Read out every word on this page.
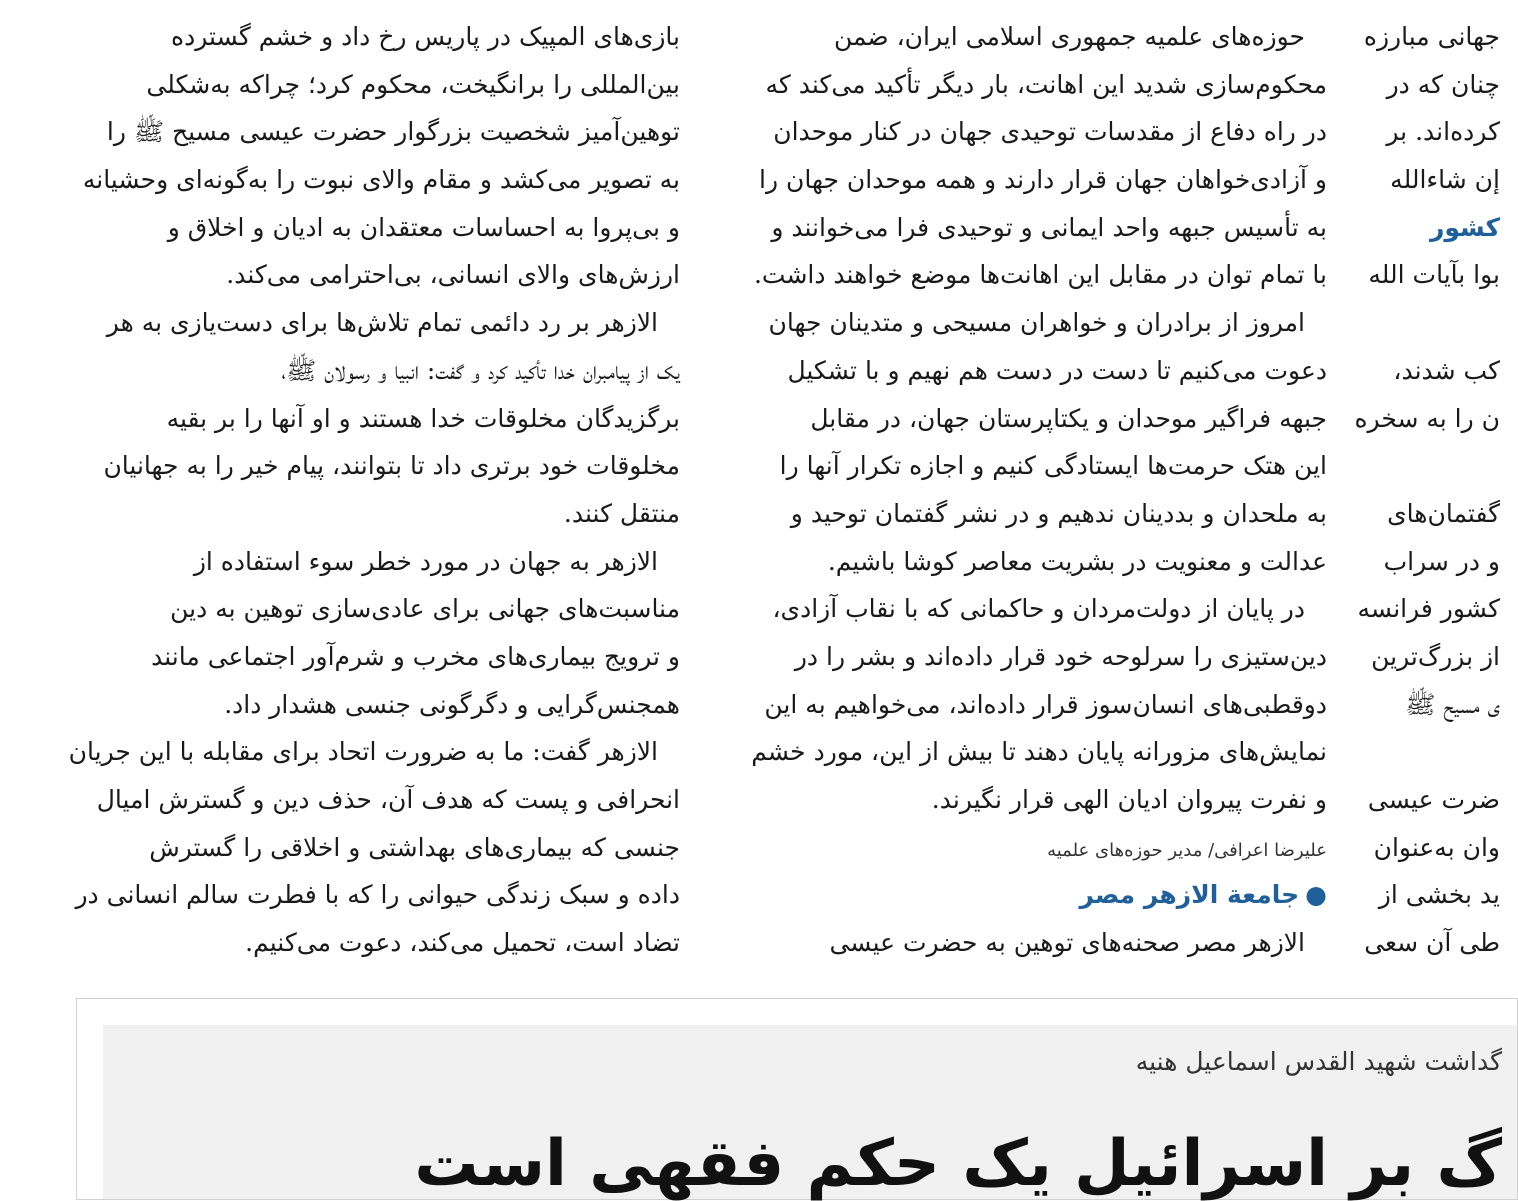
بازی‌های المپیک در پاریس رخ داد و خشم گسترده
بین‌المللی را برانگیخت، محکوم کرد؛ چراکه به‌شکلی
توهین‌آمیز شخصیت بزرگوار حضرت عیسی مسیح ﷺ را
به تصویر می‌کشد و مقام والای نبوت را به‌گونه‌ای وحشیانه
و بی‌پروا به احساسات معتقدان به ادیان و اخلاق و
ارزش‌های والای انسانی، بی‌احترامی می‌کند.
الازهر بر رد دائمی تمام تلاش‌ها برای دست‌یازی به هر
یک از پیامبران خدا تأکید کرد و گفت: انبیا و رسولان ﷺ،
برگزیدگان مخلوقات خدا هستند و او آنها را بر بقیه
مخلوقات خود برتری داد تا بتوانند، پیام خیر را به جهانیان
منتقل کنند.
الازهر به جهان در مورد خطر سوء استفاده از
مناسبت‌های جهانی برای عادی‌سازی توهین به دین
و ترویج بیماری‌های مخرب و شرم‌آور اجتماعی مانند
همجنس‌گرایی و دگرگونی جنسی هشدار داد.
الازهر گفت: ما به ضرورت اتحاد برای مقابله با این جریان
انحرافی و پست که هدف آن، حذف دین و گسترش امیال
جنسی که بیماری‌های بهداشتی و اخلاقی را گسترش
داده و سبک زندگی حیوانی را که با فطرت سالم انسانی در
تضاد است، تحمیل می‌کند، دعوت می‌کنیم.
حوزه‌های علمیه جمهوری اسلامی ایران، ضمن
محکوم‌سازی شدید این اهانت، بار دیگر تأکید می‌کند که
در راه دفاع از مقدسات توحیدی جهان در کنار موحدان
و آزادی‌خواهان جهان قرار دارند و همه موحدان جهان را
به تأسیس جبهه واحد ایمانی و توحیدی فرا می‌خوانند و
با تمام توان در مقابل این اهانت‌ها موضع خواهند داشت.
امروز از برادران و خواهران مسیحی و متدینان جهان
دعوت می‌کنیم تا دست در دست هم نهیم و با تشکیل
جبهه فراگیر موحدان و یکتاپرستان جهان، در مقابل
این هتک حرمت‌ها ایستادگی کنیم و اجازه تکرار آنها را
به ملحدان و بددینان ندهیم و در نشر گفتمان توحید و
عدالت و معنویت در بشریت معاصر کوشا باشیم.
در پایان از دولت‌مردان و حاکمانی که با نقاب آزادی،
دین‌ستیزی را سرلوحه خود قرار داده‌اند و بشر را در
دوقطبی‌های انسان‌سوز قرار داده‌اند، می‌خواهیم به این
نمایش‌های مزورانه پایان دهند تا بیش از این، مورد خشم
و نفرت پیروان ادیان الهی قرار نگیرند.
علیرضا اعرافی/ مدیر حوزه‌های علمیه
●جامعة الازهر مصر
الازهر مصر صحنه‌های توهین به حضرت عیسی
جهانی مبارزه
چنان که در
کرده‌اند. بر
إن شاءالله
کشور
بوا بآیات الله
کب شدند،
ن را به سخره
گفتمان‌های
و در سراب
کشور فرانسه
از بزرگ‌ترین
ی مسیح ﷺ
ضرت عیسی
وان به‌عنوان
ید بخشی از
طی آن سعی
گداشت شهید القدس اسماعیل هنیه
گ بر اسرائیل یک حکم فقهی است
